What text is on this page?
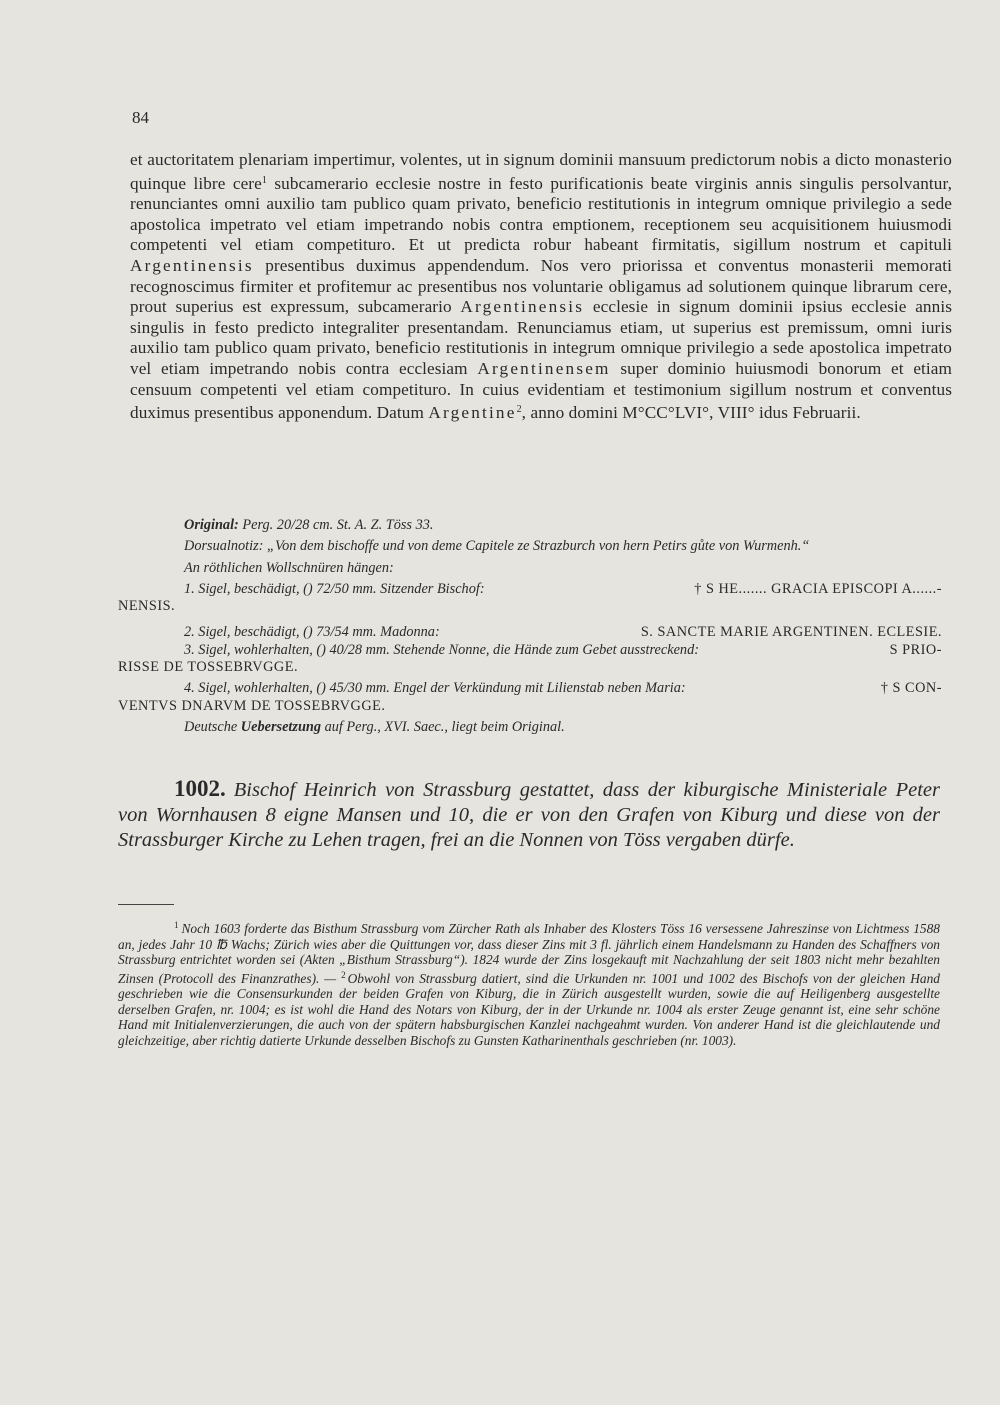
84
et auctoritatem plenariam impertimur, volentes, ut in signum dominii mansuum predictorum nobis a dicto monasterio quinque libre cere$^1$ subcamerario ecclesie nostre in festo purificationis beate virginis annis singulis persolvantur, renunciantes omni auxilio tam publico quam privato, beneficio restitutionis in integrum omnique privilegio a sede apostolica impetrato vel etiam impetrando nobis contra emptionem, receptionem seu acquisitionem huiusmodi competenti vel etiam competituro. Et ut predicta robur habeant firmitatis, sigillum nostrum et capituli Argentinensis presentibus duximus appendendum. Nos vero priorissa et conventus monasterii memorati recognoscimus firmiter et profitemur ac presentibus nos voluntarie obligamus ad solutionem quinque librarum cere, prout superius est expressum, subcamerario Argentinensis ecclesie in signum dominii ipsius ecclesie annis singulis in festo predicto integraliter presentandam. Renunciamus etiam, ut superius est premissum, omni iuris auxilio tam publico quam privato, beneficio restitutionis in integrum omnique privilegio a sede apostolica impetrato vel etiam impetrando nobis contra ecclesiam Argentinensem super dominio huiusmodi bonorum et etiam censuum competenti vel etiam competituro. In cuius evidentiam et testimonium sigillum nostrum et conventus duximus presentibus apponendum. Datum Argentine$^2$, anno domini M°CC°LVI°, VIII° idus Februarii.

Original: Perg. 20/28 cm. St. A. Z. Töss 33.

Dorsualnotiz: „Von dem bischoffe und von deme Capitele ze Strazburch von hern Petirs gůte von Wurmenh.“

An röthlichen Wollschnüren hängen:

1. Sigel, beschädigt, () 72/50 mm. Sitzender Bischof:	† S HE....... GRACIA EPISCOPI A......-

NENSIS.

2. Sigel, beschädigt, () 73/54 mm. Madonna:	S. SANCTE MARIE ARGENTINEN. ECLESIE.

3. Sigel, wohlerhalten, () 40/28 mm. Stehende Nonne, die Hände zum Gebet ausstreckend:	S PRIO-

RISSE DE TOSSEBRVGGE.

4. Sigel, wohlerhalten, () 45/30 mm. Engel der Verkündung mit Lilienstab neben Maria:	† S CON-

VENTVS DNARVM DE TOSSEBRVGGE.

Deutsche Uebersetzung auf Perg., XVI. Saec., liegt beim Original.

1002. Bischof Heinrich von Strassburg gestattet, dass der kiburgische Ministeriale Peter von Wornhausen 8 eigne Mansen und 10, die er von den Grafen von Kiburg und diese von der Strassburger Kirche zu Lehen tragen, frei an die Nonnen von Töss vergaben dürfe.
$^1$ Noch 1603 forderte das Bisthum Strassburg vom Zürcher Rath als Inhaber des Klosters Töss 16 versessene Jahreszinse von Lichtmess 1588 an, jedes Jahr 10 ℔ Wachs; Zürich wies aber die Quittungen vor, dass dieser Zins mit 3 fl. jährlich einem Handelsmann zu Handen des Schaffners von Strassburg entrichtet worden sei (Akten „Bisthum Strassburg“). 1824 wurde der Zins losgekauft mit Nachzahlung der seit 1803 nicht mehr bezahlten Zinsen (Protocoll des Finanzrathes). — $^2$ Obwohl von Strassburg datiert, sind die Urkunden nr. 1001 und 1002 des Bischofs von der gleichen Hand geschrieben wie die Consensurkunden der beiden Grafen von Kiburg, die in Zürich ausgestellt wurden, sowie die auf Heiligenberg ausgestellte derselben Grafen, nr. 1004; es ist wohl die Hand des Notars von Kiburg, der in der Urkunde nr. 1004 als erster Zeuge genannt ist, eine sehr schöne Hand mit Initialenverzierungen, die auch von der spätern habsburgischen Kanzlei nachgeahmt wurden. Von anderer Hand ist die gleichlautende und gleichzeitige, aber richtig datierte Urkunde desselben Bischofs zu Gunsten Katharinenthals geschrieben (nr. 1003).
